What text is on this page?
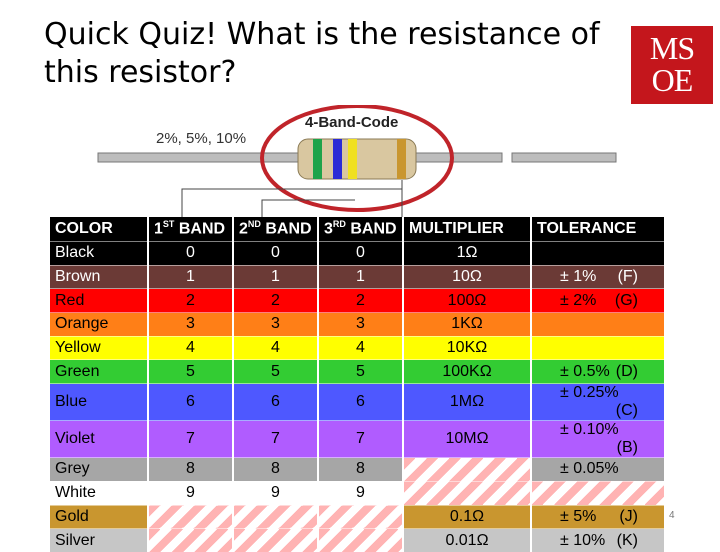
Quick Quiz! What is the resistance of this resistor?
MS
OE
4-Band-Code
2%, 5%, 10%
COLOR	1ST BAND	2ND BAND	3RD BAND	MULTIPLIER	TOLERANCE
Black	0	0	0	1Ω	

Brown	1	1	1	10Ω	± 1% (F)

Red	2	2	2	100Ω	± 2% (G)

Orange	3	3	3	1KΩ	

Yellow	4	4	4	10KΩ	

Green	5	5	5	100KΩ	± 0.5% (D)

Blue	6	6	6	1MΩ	± 0.25%
(C)

Violet	7	7	7	10MΩ	± 0.10%
(B)

Grey	8	8	8		± 0.05%

White	9	9	9		

Gold				0.1Ω	± 5% (J)

Silver				0.01Ω	± 10% (K)
4
